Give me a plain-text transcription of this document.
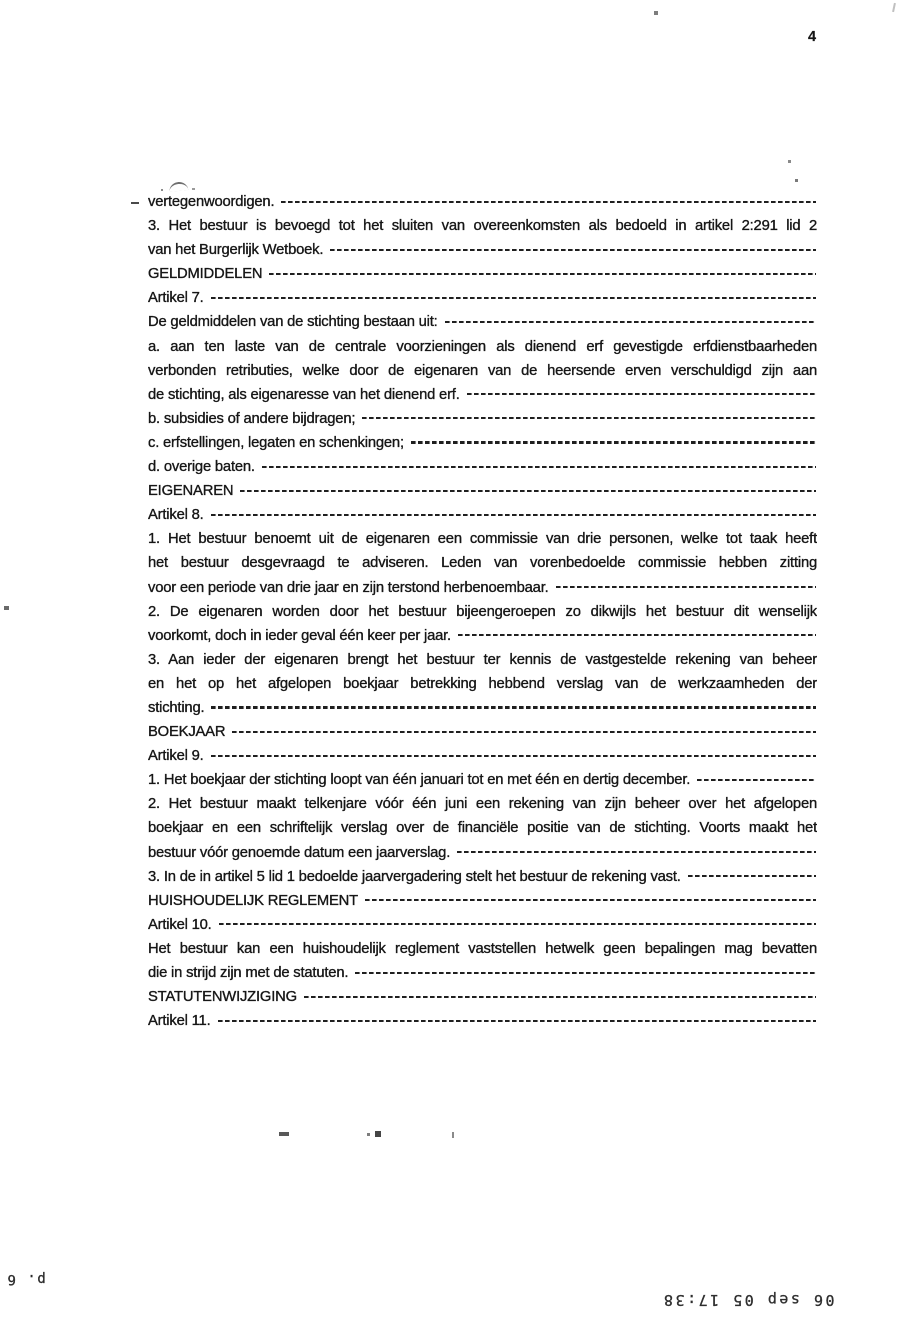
4
vertegenwoordigen.
3. Het bestuur is bevoegd tot het sluiten van overeenkomsten als bedoeld in artikel 2:291 lid 2
van het Burgerlijk Wetboek.
GELDMIDDELEN
Artikel 7.
De geldmiddelen van de stichting bestaan uit:
a. aan ten laste van de centrale voorzieningen als dienend erf gevestigde erfdienstbaarheden
verbonden retributies, welke door de eigenaren van de heersende erven verschuldigd zijn aan
de stichting, als eigenaresse van het dienend erf.
b. subsidies of andere bijdragen;
c. erfstellingen, legaten en schenkingen;
d. overige baten.
EIGENAREN
Artikel 8.
1. Het bestuur benoemt uit de eigenaren een commissie van drie personen, welke tot taak heeft
het bestuur desgevraagd te adviseren. Leden van vorenbedoelde commissie hebben zitting
voor een periode van drie jaar en zijn terstond herbenoembaar.
2. De eigenaren worden door het bestuur bijeengeroepen zo dikwijls het bestuur dit wenselijk
voorkomt, doch in ieder geval één keer per jaar.
3. Aan ieder der eigenaren brengt het bestuur ter kennis de vastgestelde rekening van beheer
en het op het afgelopen boekjaar betrekking hebbend verslag van de werkzaamheden der
stichting.
BOEKJAAR
Artikel 9.
1. Het boekjaar der stichting loopt van één januari tot en met één en dertig december.
2. Het bestuur maakt telkenjare vóór één juni een rekening van zijn beheer over het afgelopen
boekjaar en een schriftelijk verslag over de financiële positie van de stichting. Voorts maakt het
bestuur vóór genoemde datum een jaarverslag.
3. In de in artikel 5 lid 1 bedoelde jaarvergadering stelt het bestuur de rekening vast.
HUISHOUDELIJK REGLEMENT
Artikel 10.
Het bestuur kan een huishoudelijk reglement vaststellen hetwelk geen bepalingen mag bevatten
die in strijd zijn met de statuten.
STATUTENWIJZIGING
Artikel 11.
p. 6
06 sep 05 17:38
